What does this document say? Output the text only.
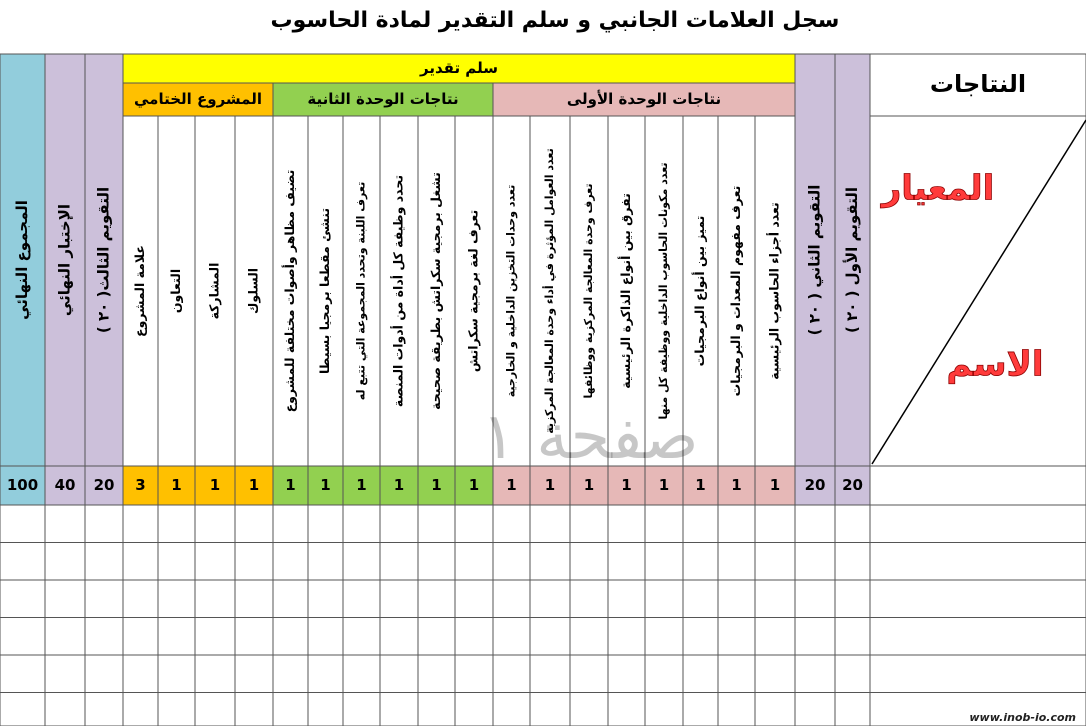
سجل العلامات الجانبي و سلم التقدير لمادة الحاسوب
سلم تقدير
المشروع الختامي	نتاجات الوحدة الثانية	نتاجات الوحدة الأولى
المجموع النهائي
100
الإختبار النهائي
40
التقويم الثالث( ٢٠ )
20
علامة المشروع
3
التعاون
1
المشاركة
1
السلوك
1
تضيف مظاهر وأصوات مختلفة للمشروع
1
تنشئ مقطعا برمجيا بسيطا
1
تعرف اللبنة وتحدد المجموعة التي تتبع له
1
تحدد وظيفة كل أداة من أدوات المنصة
1
تشغل برمجية سكراتش بطريقة صحيحة
1
تعرف لغة برمجية سكراتش
1
تعدد وحدات التخزين الداخلية و الخارجية
1
تعدد العوامل المؤثرة في أداء وحدة المعالجة المركزية
1
تعرف وحدة المعالجة المركزية ووظائفها
1
تفرق بين أنواع الذاكرة الرئيسية
1
تعدد مكونات الحاسوب الداخلية ووظيفة كل منها
1
تميز بين أنواع البرمجيات
1
تعرف مفهوم المعدات و البرمجيات
1
تعدد أجزاء الحاسوب الرئيسية
1
التقويم الثاني ( ٢٠ )
20
التقويم الأول ( ٢٠ )
20
النتاجات
المعيار
الاسم
صفحة ١
www.inob-io.com
